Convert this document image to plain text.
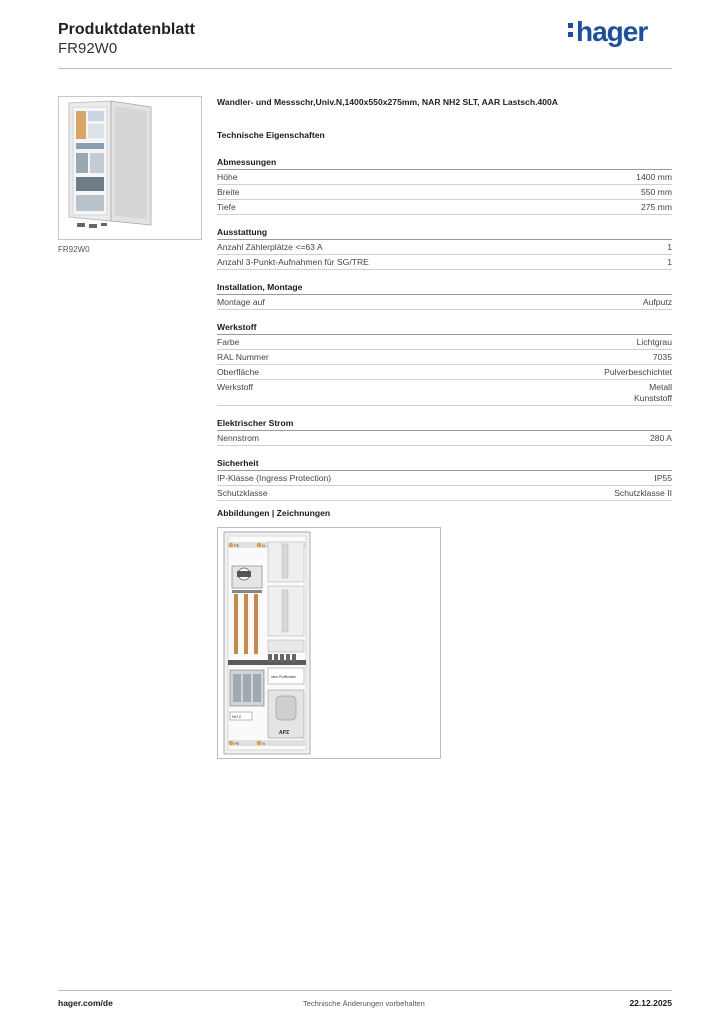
Produktdatenblatt
FR92W0
hager
FR92W0
Wandler- und Messschr,Univ.N,1400x550x275mm, NAR NH2 SLT, AAR Lastsch.400A
Technische Eigenschaften
Abmessungen
Höhe	1400 mm
Breite	550 mm
Tiefe	275 mm
Ausstattung
Anzahl Zählerplätze <=63 A	1
Anzahl 3-Punkt-Aufnahmen für SG/TRE	1
Installation, Montage
Montage auf	Aufputz
Werkstoff
Farbe	Lichtgrau
RAL Nummer	7035
Oberfläche	Pulverbeschichtet
Werkstoff	Metall
Kunststoff
Elektrischer Strom
Nennstrom	280 A
Sicherheit
IP-Klasse (Ingress Protection)	IP55
Schutzklasse	Schutzklasse II
Abbildungen | Zeichnungen
PE	N
PE	N
NH 2
neue Profilbrasse
APZ
hager.com/de	Technische Änderungen vorbehalten	22.12.2025
